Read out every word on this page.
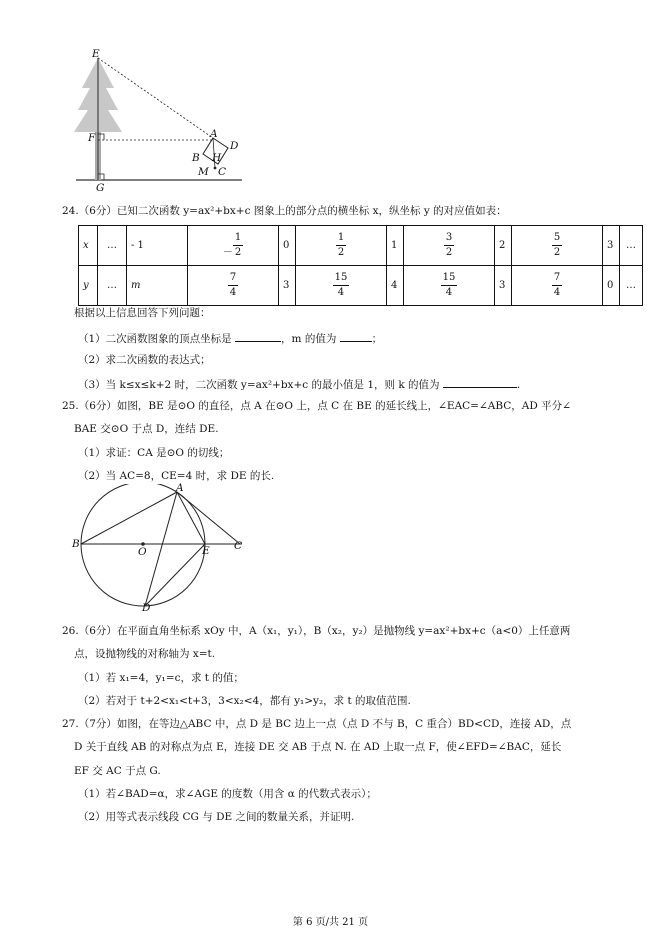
E
F
G
A
D
B H
M C
24.（6分）已知二次函数 y=ax²+bx+c 图象上的部分点的横坐标 x，纵坐标 y 的对应值如表：
x	…	- 1	－ $\frac{1}{2}$	0	$\frac{1}{2}$	1	$\frac{3}{2}$	2	$\frac{5}{2}$	3	…
y	…	m	$\frac{7}{4}$	3	$\frac{15}{4}$	4	$\frac{15}{4}$	3	$\frac{7}{4}$	0	…
根据以上信息回答下列问题：
（1）二次函数图象的顶点坐标是	，m 的值为	；
（2）求二次函数的表达式；
（3）当 k≤x≤k+2 时，二次函数 y=ax²+bx+c 的最小值是 1，则 k 的值为	.
25.（6分）如图，BE 是⊙O 的直径，点 A 在⊙O 上，点 C 在 BE 的延长线上，∠EAC=∠ABC，AD 平分∠
BAE 交⊙O 于点 D，连结 DE.
（1）求证：CA 是⊙O 的切线；
（2）当 AC=8，CE=4 时，求 DE 的长.
A
B
O	E C
D
26.（6分）在平面直角坐标系 xOy 中，A（x₁，y₁），B（x₂，y₂）是抛物线 y=ax²+bx+c（a<0）上任意两
点，设抛物线的对称轴为 x=t.
（1）若 x₁=4，y₁=c，求 t 的值；
（2）若对于 t+2<x₁<t+3，3<x₂<4，都有 y₁>y₂，求 t 的取值范围.
27.（7分）如图，在等边△ABC 中，点 D 是 BC 边上一点（点 D 不与 B，C 重合）BD<CD，连接 AD，点
D 关于直线 AB 的对称点为点 E，连接 DE 交 AB 于点 N. 在 AD 上取一点 F，使∠EFD=∠BAC，延长
EF 交 AC 于点 G.
（1）若∠BAD=α，求∠AGE 的度数（用含 α 的代数式表示）；
（2）用等式表示线段 CG 与 DE 之间的数量关系，并证明.
第 6 页/共 21 页
